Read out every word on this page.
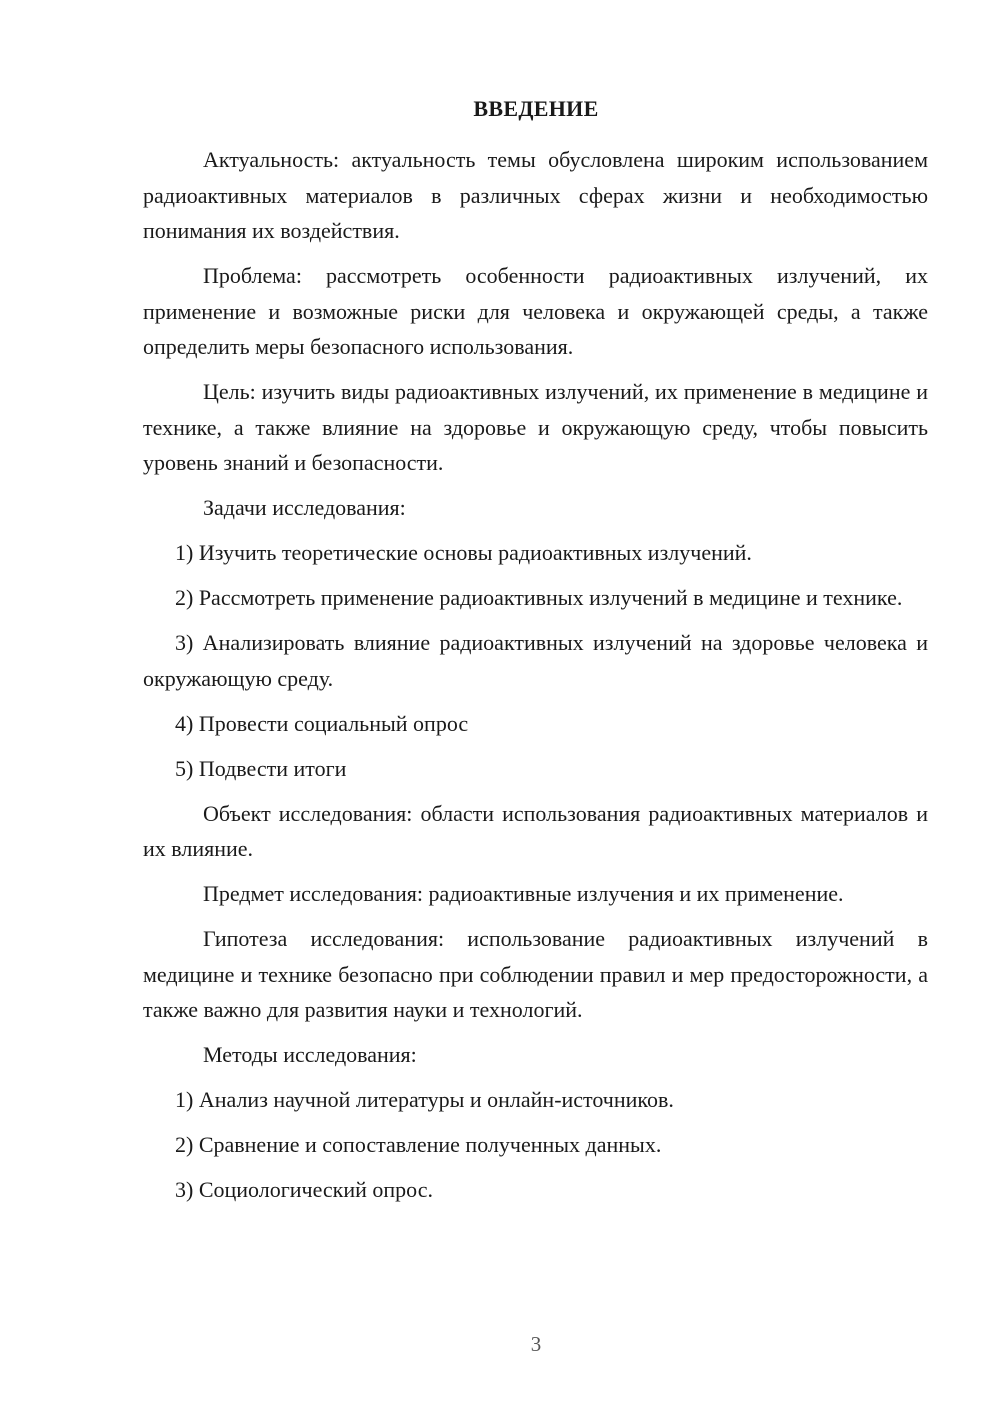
ВВЕДЕНИЕ

Актуальность: актуальность темы обусловлена широким использованием радиоактивных материалов в различных сферах жизни и необходимостью понимания их воздействия.

Проблема: рассмотреть особенности радиоактивных излучений, их применение и возможные риски для человека и окружающей среды, а также определить меры безопасного использования.

Цель: изучить виды радиоактивных излучений, их применение в медицине и технике, а также влияние на здоровье и окружающую среду, чтобы повысить уровень знаний и безопасности.

Задачи исследования:

1) Изучить теоретические основы радиоактивных излучений.

2) Рассмотреть применение радиоактивных излучений в медицине и технике.

3) Анализировать влияние радиоактивных излучений на здоровье человека и окружающую среду.

4) Провести социальный опрос

5) Подвести итоги

Объект исследования: области использования радиоактивных материалов и их влияние.

Предмет исследования: радиоактивные излучения и их применение.

Гипотеза исследования: использование радиоактивных излучений в медицине и технике безопасно при соблюдении правил и мер предосторожности, а также важно для развития науки и технологий.

Методы исследования:

1) Анализ научной литературы и онлайн-источников.

2) Сравнение и сопоставление полученных данных.

3) Социологический опрос.

3
